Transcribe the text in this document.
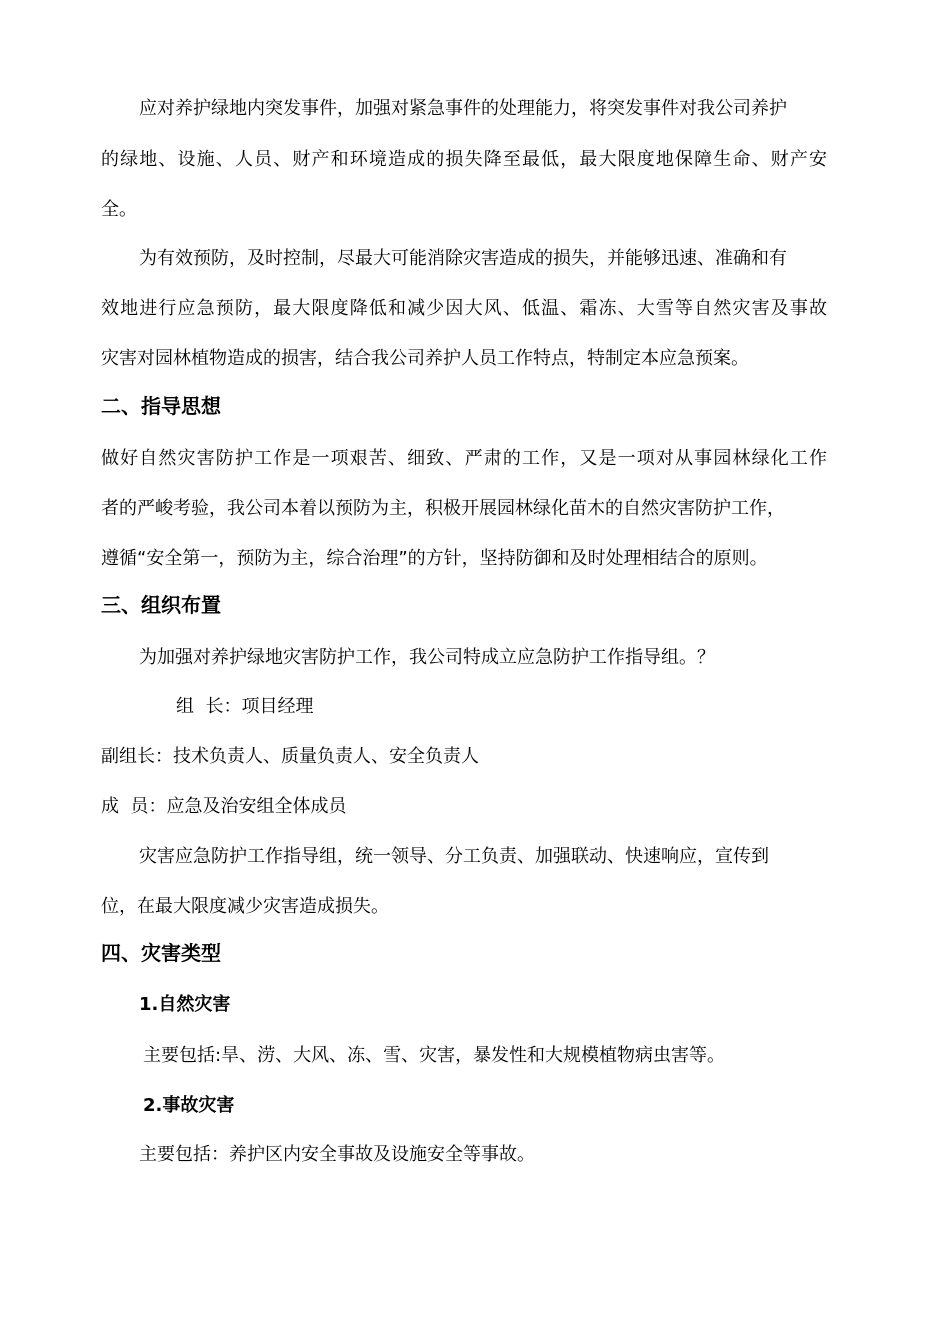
应对养护绿地内突发事件，加强对紧急事件的处理能力，将突发事件对我公司养护
的绿地、设施、人员、财产和环境造成的损失降至最低，最大限度地保障生命、财产安
全。
为有效预防，及时控制，尽最大可能消除灾害造成的损失，并能够迅速、准确和有
效地进行应急预防，最大限度降低和减少因大风、低温、霜冻、大雪等自然灾害及事故
灾害对园林植物造成的损害，结合我公司养护人员工作特点，特制定本应急预案。
二、指导思想
做好自然灾害防护工作是一项艰苦、细致、严肃的工作，又是一项对从事园林绿化工作
者的严峻考验，我公司本着以预防为主，积极开展园林绿化苗木的自然灾害防护工作，
遵循“安全第一，预防为主，综合治理”的方针，坚持防御和及时处理相结合的原则。
三、组织布置
为加强对养护绿地灾害防护工作，我公司特成立应急防护工作指导组。？
组  长：项目经理
副组长：技术负责人、质量负责人、安全负责人
成  员：应急及治安组全体成员
灾害应急防护工作指导组，统一领导、分工负责、加强联动、快速响应，宣传到
位，在最大限度减少灾害造成损失。
四、灾害类型
1.自然灾害
主要包括:旱、涝、大风、冻、雪、灾害，暴发性和大规模植物病虫害等。
2.事故灾害
主要包括：养护区内安全事故及设施安全等事故。
